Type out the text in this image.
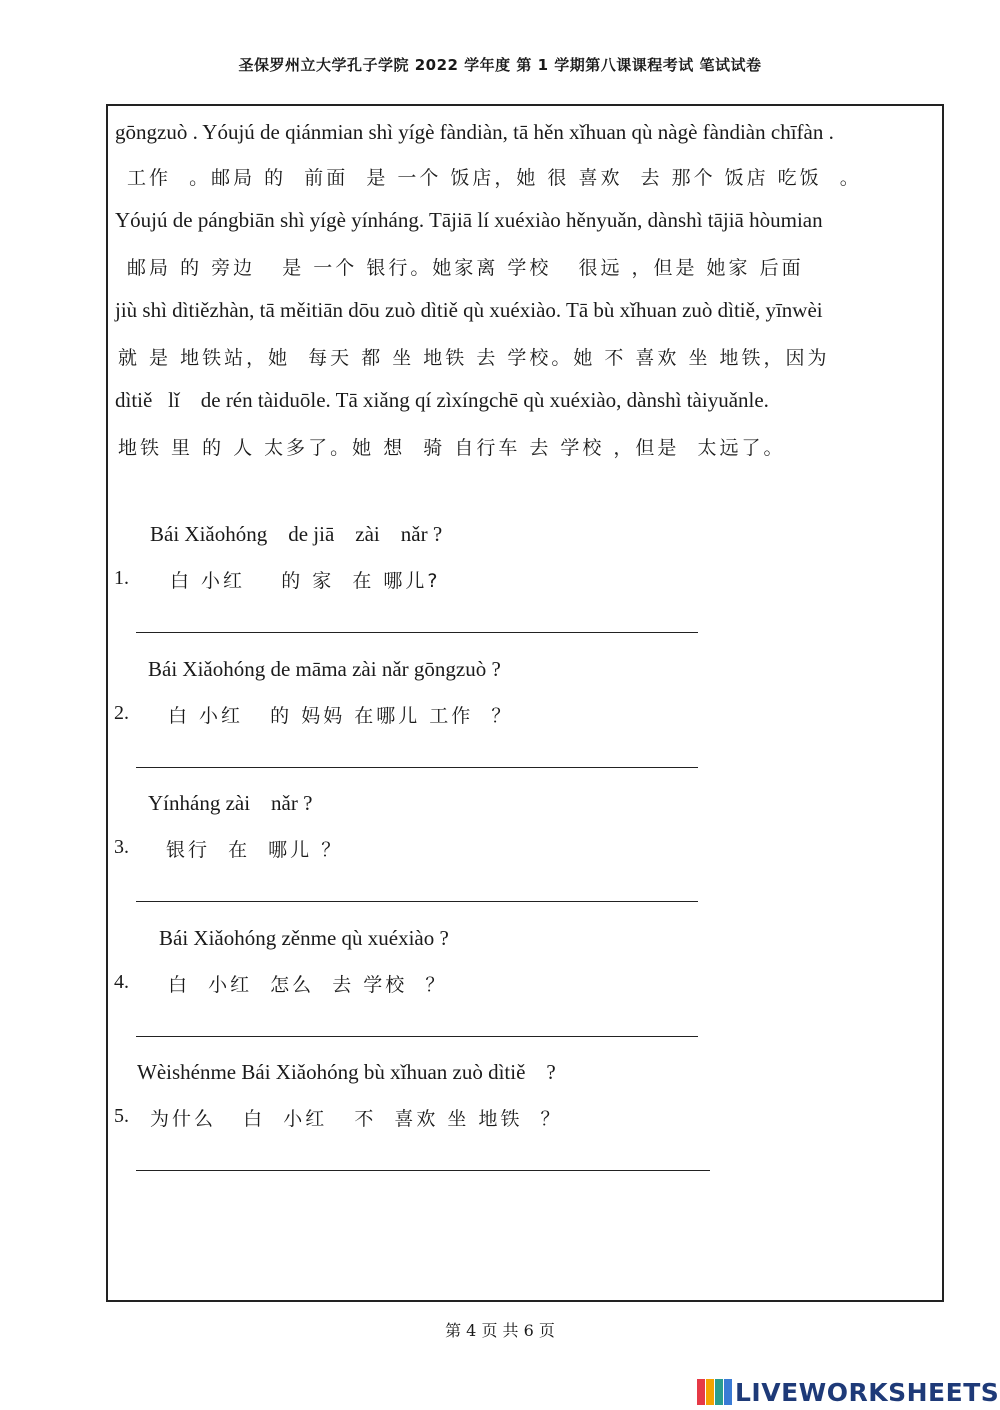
圣保罗州立大学孔子学院 2022 学年度 第 1 学期第八课课程考试 笔试试卷
gōngzuò . Yóujú de qiánmian shì yígè fàndiàn, tā hěn xǐhuan qù nàgè fàndiàn chīfàn .
工作  。邮局 的  前面  是 一个 饭店，她 很 喜欢  去 那个 饭店 吃饭  。
Yóujú de pángbiān shì yígè yínháng. Tājiā lí xuéxiào hěnyuǎn, dànshì tājiā hòumian
邮局 的 旁边   是 一个 银行。她家离 学校   很远 ，但是 她家 后面
jiù shì dìtiězhàn, tā měitiān dōu zuò dìtiě qù xuéxiào. Tā bù xǐhuan zuò dìtiě, yīnwèi
就 是 地铁站，她  每天 都 坐 地铁 去 学校。她 不 喜欢 坐 地铁，因为
dìtiě   lǐ    de rén tàiduōle. Tā xiǎng qí zìxíngchē qù xuéxiào, dànshì tàiyuǎnle.
地铁 里 的 人 太多了。她 想  骑 自行车 去 学校 ，但是  太远了。
Bái Xiǎohóng    de jiā    zài    nǎr ?
1. 白 小红    的 家  在 哪儿?
Bái Xiǎohóng de māma zài nǎr gōngzuò ?
2. 白 小红   的 妈妈 在哪儿 工作  ？
Yínháng zài    nǎr ?
3. 银行  在  哪儿 ？
Bái Xiǎohóng zěnme qù xuéxiào ?
4. 白  小红  怎么  去 学校  ？
Wèishénme Bái Xiǎohóng bù xǐhuan zuò dìtiě    ?
5. 为什么   白  小红   不  喜欢 坐 地铁  ？
第 4 页 共 6 页
LIVEWORKSHEETS
